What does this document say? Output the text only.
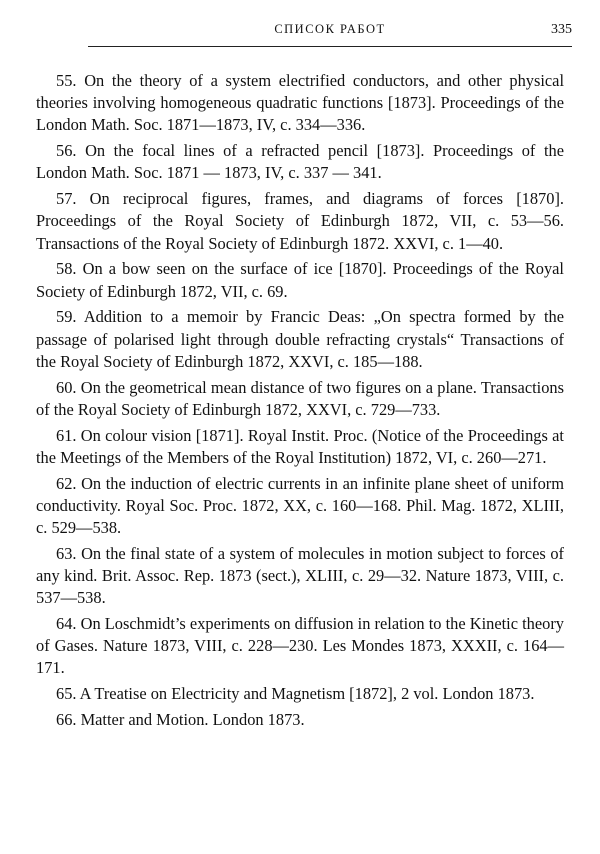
СПИСОК РАБОТ	335

55. On the theory of a system electrified conductors, and other physical theories involving homogeneous quadratic functions [1873]. Proceedings of the London Math. Soc. 1871—1873, IV, c. 334—336.

56. On the focal lines of a refracted pencil [1873]. Proceedings of the London Math. Soc. 1871 — 1873, IV, c. 337 — 341.

57. On reciprocal figures, frames, and diagrams of forces [1870]. Proceedings of the Royal Society of Edinburgh 1872, VII, c. 53—56. Transactions of the Royal Society of Edinburgh 1872. XXVI, c. 1—40.

58. On a bow seen on the surface of ice [1870]. Proceedings of the Royal Society of Edinburgh 1872, VII, c. 69.

59. Addition to a memoir by Francic Deas: „On spectra formed by the passage of polarised light through double refracting crystals“ Transactions of the Royal Society of Edinburgh 1872, XXVI, c. 185—188.

60. On the geometrical mean distance of two figures on a plane. Transactions of the Royal Society of Edinburgh 1872, XXVI, c. 729—733.

61. On colour vision [1871]. Royal Instit. Proc. (Notice of the Proceedings at the Meetings of the Members of the Royal Institution) 1872, VI, c. 260—271.

62. On the induction of electric currents in an infinite plane sheet of uniform conductivity. Royal Soc. Proc. 1872, XX, c. 160—168. Phil. Mag. 1872, XLIII, c. 529—538.

63. On the final state of a system of molecules in motion subject to forces of any kind. Brit. Assoc. Rep. 1873 (sect.), XLIII, c. 29—32. Nature 1873, VIII, c. 537—538.

64. On Loschmidt’s experiments on diffusion in relation to the Kinetic theory of Gases. Nature 1873, VIII, c. 228—230. Les Mondes 1873, XXXII, c. 164—171.

65. A Treatise on Electricity and Magnetism [1872], 2 vol. London 1873.

66. Matter and Motion. London 1873.
